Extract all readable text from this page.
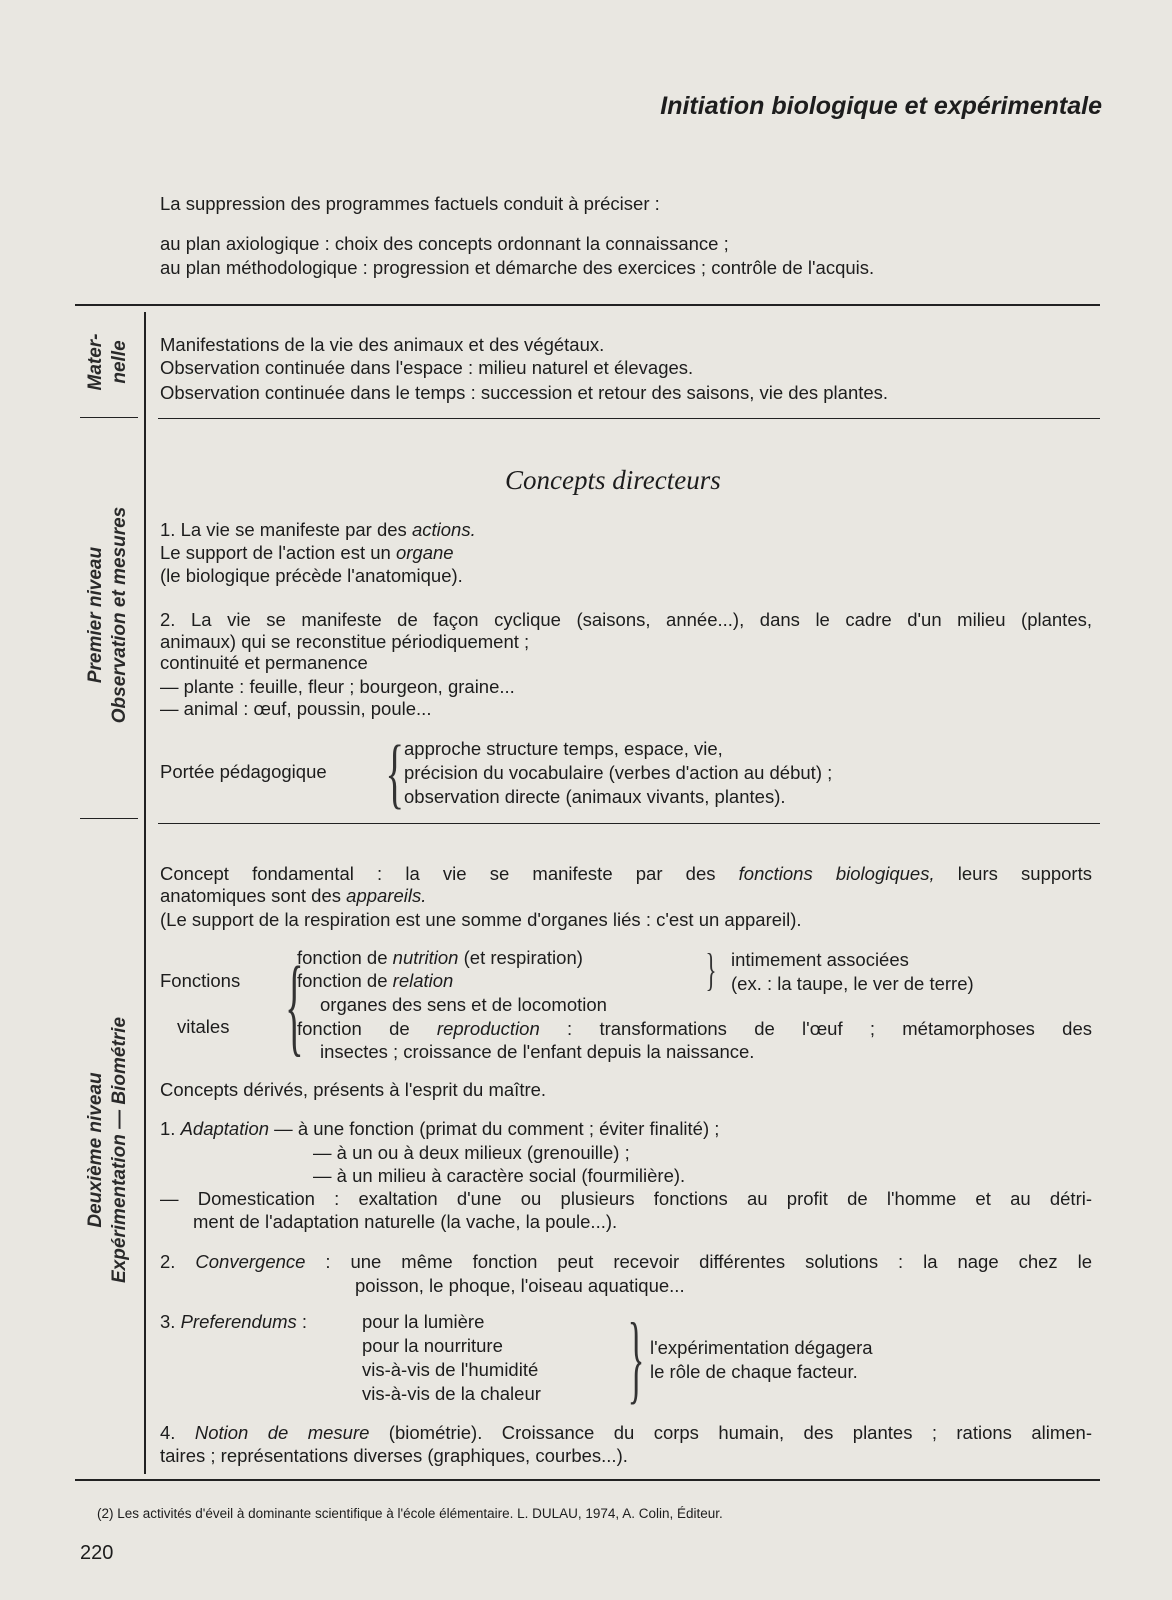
Initiation biologique et expérimentale
La suppression des programmes factuels conduit à préciser :
au plan axiologique : choix des concepts ordonnant la connaissance ;
au plan méthodologique : progression et démarche des exercices ; contrôle de l'acquis.
Mater- nelle
Premier niveau Observation et mesures
Deuxième niveau Expérimentation — Biométrie
Manifestations de la vie des animaux et des végétaux.
Observation continuée dans l'espace : milieu naturel et élevages.
Observation continuée dans le temps : succession et retour des saisons, vie des plantes.
Concepts directeurs
1. La vie se manifeste par des actions.
Le support de l'action est un organe
(le biologique précède l'anatomique).
2. La vie se manifeste de façon cyclique (saisons, année...), dans le cadre d'un milieu (plantes,
animaux) qui se reconstitue périodiquement ;
continuité et permanence
— plante : feuille, fleur ; bourgeon, graine...
— animal : œuf, poussin, poule...
Portée pédagogique { approche structure temps, espace, vie,
précision du vocabulaire (verbes d'action au début) ;
observation directe (animaux vivants, plantes).
Concept fondamental : la vie se manifeste par des fonctions biologiques, leurs supports
anatomiques sont des appareils.
(Le support de la respiration est une somme d'organes liés : c'est un appareil).
Fonctions
vitales {
fonction de nutrition (et respiration)
fonction de relation
organes des sens et de locomotion
fonction de reproduction : transformations de l'œuf ; métamorphoses des
insectes ; croissance de l'enfant depuis la naissance.
} intimement associées
(ex. : la taupe, le ver de terre)
Concepts dérivés, présents à l'esprit du maître.
1. Adaptation — à une fonction (primat du comment ; éviter finalité) ;
— à un ou à deux milieux (grenouille) ;
— à un milieu à caractère social (fourmilière).
— Domestication : exaltation d'une ou plusieurs fonctions au profit de l'homme et au détri-
ment de l'adaptation naturelle (la vache, la poule...).
2. Convergence : une même fonction peut recevoir différentes solutions : la nage chez le
poisson, le phoque, l'oiseau aquatique...
3. Preferendums :	pour la lumière
pour la nourriture
vis-à-vis de l'humidité
vis-à-vis de la chaleur } l'expérimentation dégagera
le rôle de chaque facteur.
4. Notion de mesure (biométrie). Croissance du corps humain, des plantes ; rations alimen-
taires ; représentations diverses (graphiques, courbes...).
(2) Les activités d'éveil à dominante scientifique à l'école élémentaire. L. DULAU, 1974, A. Colin, Éditeur.
220
